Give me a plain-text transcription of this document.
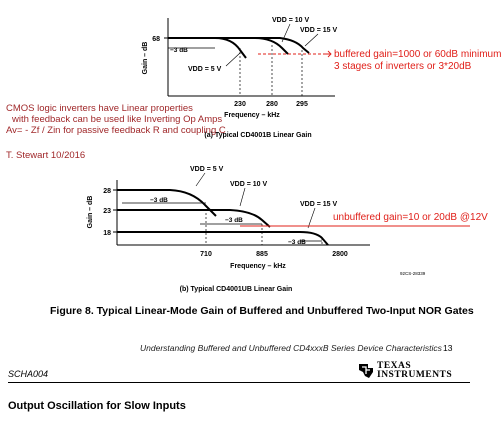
68
Gain – dB	−3 dB
230	280	295
Frequency – kHz
VDD = 10 V
VDD = 15 V
VDD = 5 V
(a) Typical CD4001B Linear Gain
28
23
18
Gain – dB	−3 dB
−3 dB
−3 dB
710	885	2800
Frequency – kHz
VDD = 5 V
VDD = 10 V
VDD = 15 V
92CS-28339
(b) Typical CD4001UB Linear Gain
buffered gain=1000 or 60dB minimum
3 stages of inverters or 3*20dB
CMOS logic inverters have Linear properties
with feedback can be used like Inverting Op Amps
Av= - Zf / Zin for passive feedback R and coupling C
T. Stewart 10/2016
unbuffered gain=10 or 20dB @12V
Figure 8. Typical Linear-Mode Gain of Buffered and Unbuffered Two-Input NOR Gates
Understanding Buffered and Unbuffered CD4xxxB Series Device Characteristics 13
SCHA004
TEXAS
INSTRUMENTS
Output Oscillation for Slow Inputs
